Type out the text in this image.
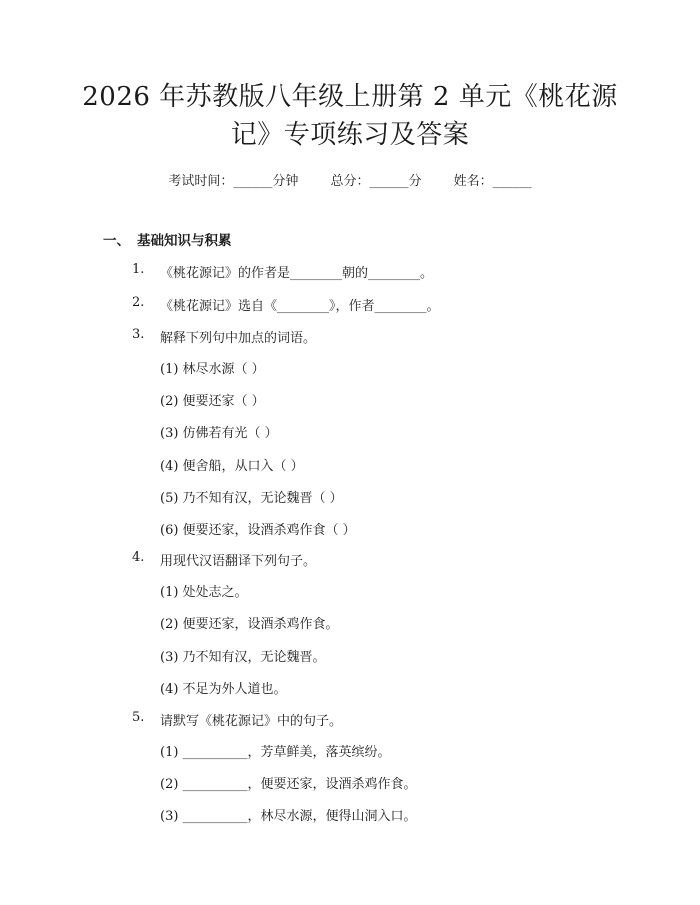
2026 年苏教版八年级上册第 2 单元《桃花源
记》专项练习及答案
考试时间：______分钟 总分：______分 姓名：______
一、 基础知识与积累
1. 《桃花源记》的作者是________朝的________。
2. 《桃花源记》选自《________》，作者________。
3. 解释下列句中加点的词语。
(1) 林尽水源（ ）
(2) 便要还家（ ）
(3) 仿佛若有光（ ）
(4) 便舍船，从口入（ ）
(5) 乃不知有汉，无论魏晋（ ）
(6) 便要还家，设酒杀鸡作食（ ）
4. 用现代汉语翻译下列句子。
(1) 处处志之。
(2) 便要还家，设酒杀鸡作食。
(3) 乃不知有汉，无论魏晋。
(4) 不足为外人道也。
5. 请默写《桃花源记》中的句子。
(1) __________，芳草鲜美，落英缤纷。
(2) __________，便要还家，设酒杀鸡作食。
(3) __________，林尽水源，便得山洞入口。
